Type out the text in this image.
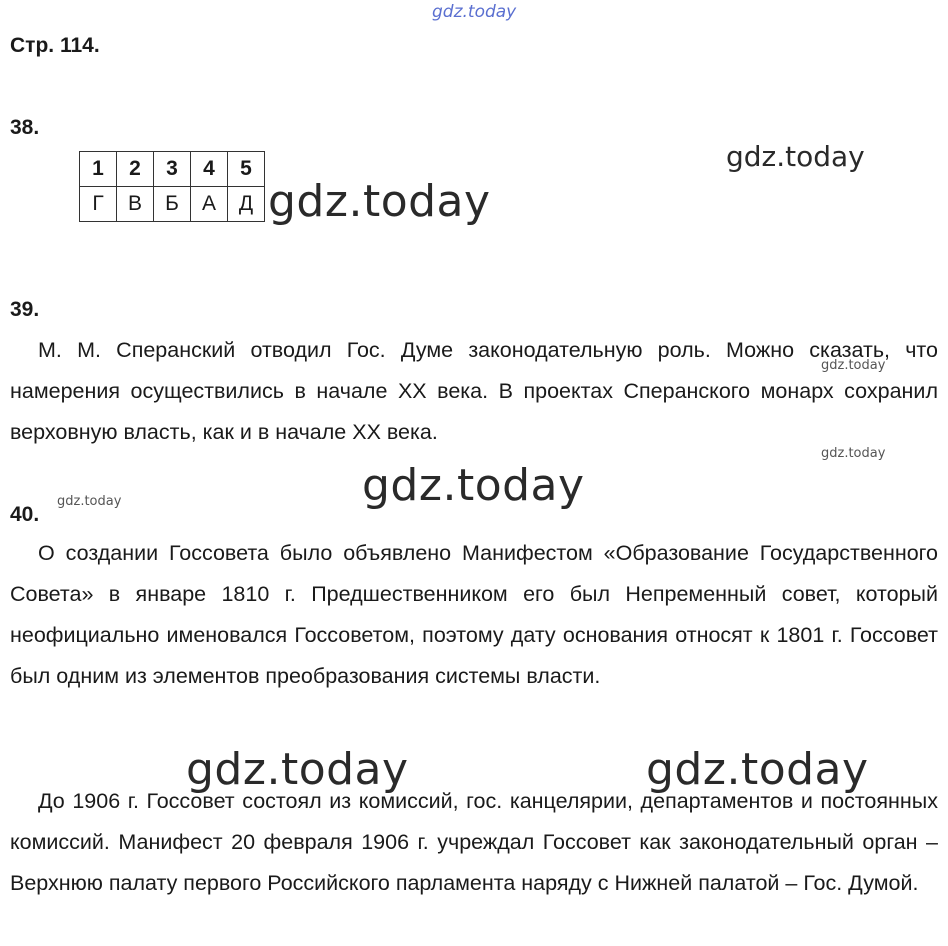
gdz.today
gdz.today
gdz.today
gdz.today
gdz.today
gdz.today
gdz.today
gdz.today	gdz.today
Стр. 114.
38.
1	2	3	4	5
Г	В	Б	А	Д
39.

М. М. Сперанский отводил Гос. Думе законодательную роль. Можно сказать, что намерения осуществились в начале XX века. В проектах Сперанского монарх сохранил верховную власть, как и в начале XX века.

40.

О создании Госсовета было объявлено Манифестом «Образование Государственного Совета» в январе 1810 г. Предшественником его был Непременный совет, который неофициально именовался Госсоветом, поэтому дату основания относят к 1801 г. Госсовет был одним из элементов преобразования системы власти.

До 1906 г. Госсовет состоял из комиссий, гос. канцелярии, департаментов и постоянных комиссий. Манифест 20 февраля 1906 г. учреждал Госсовет как законодательный орган – Верхнюю палату первого Российского парламента наряду с Нижней палатой – Гос. Думой.
